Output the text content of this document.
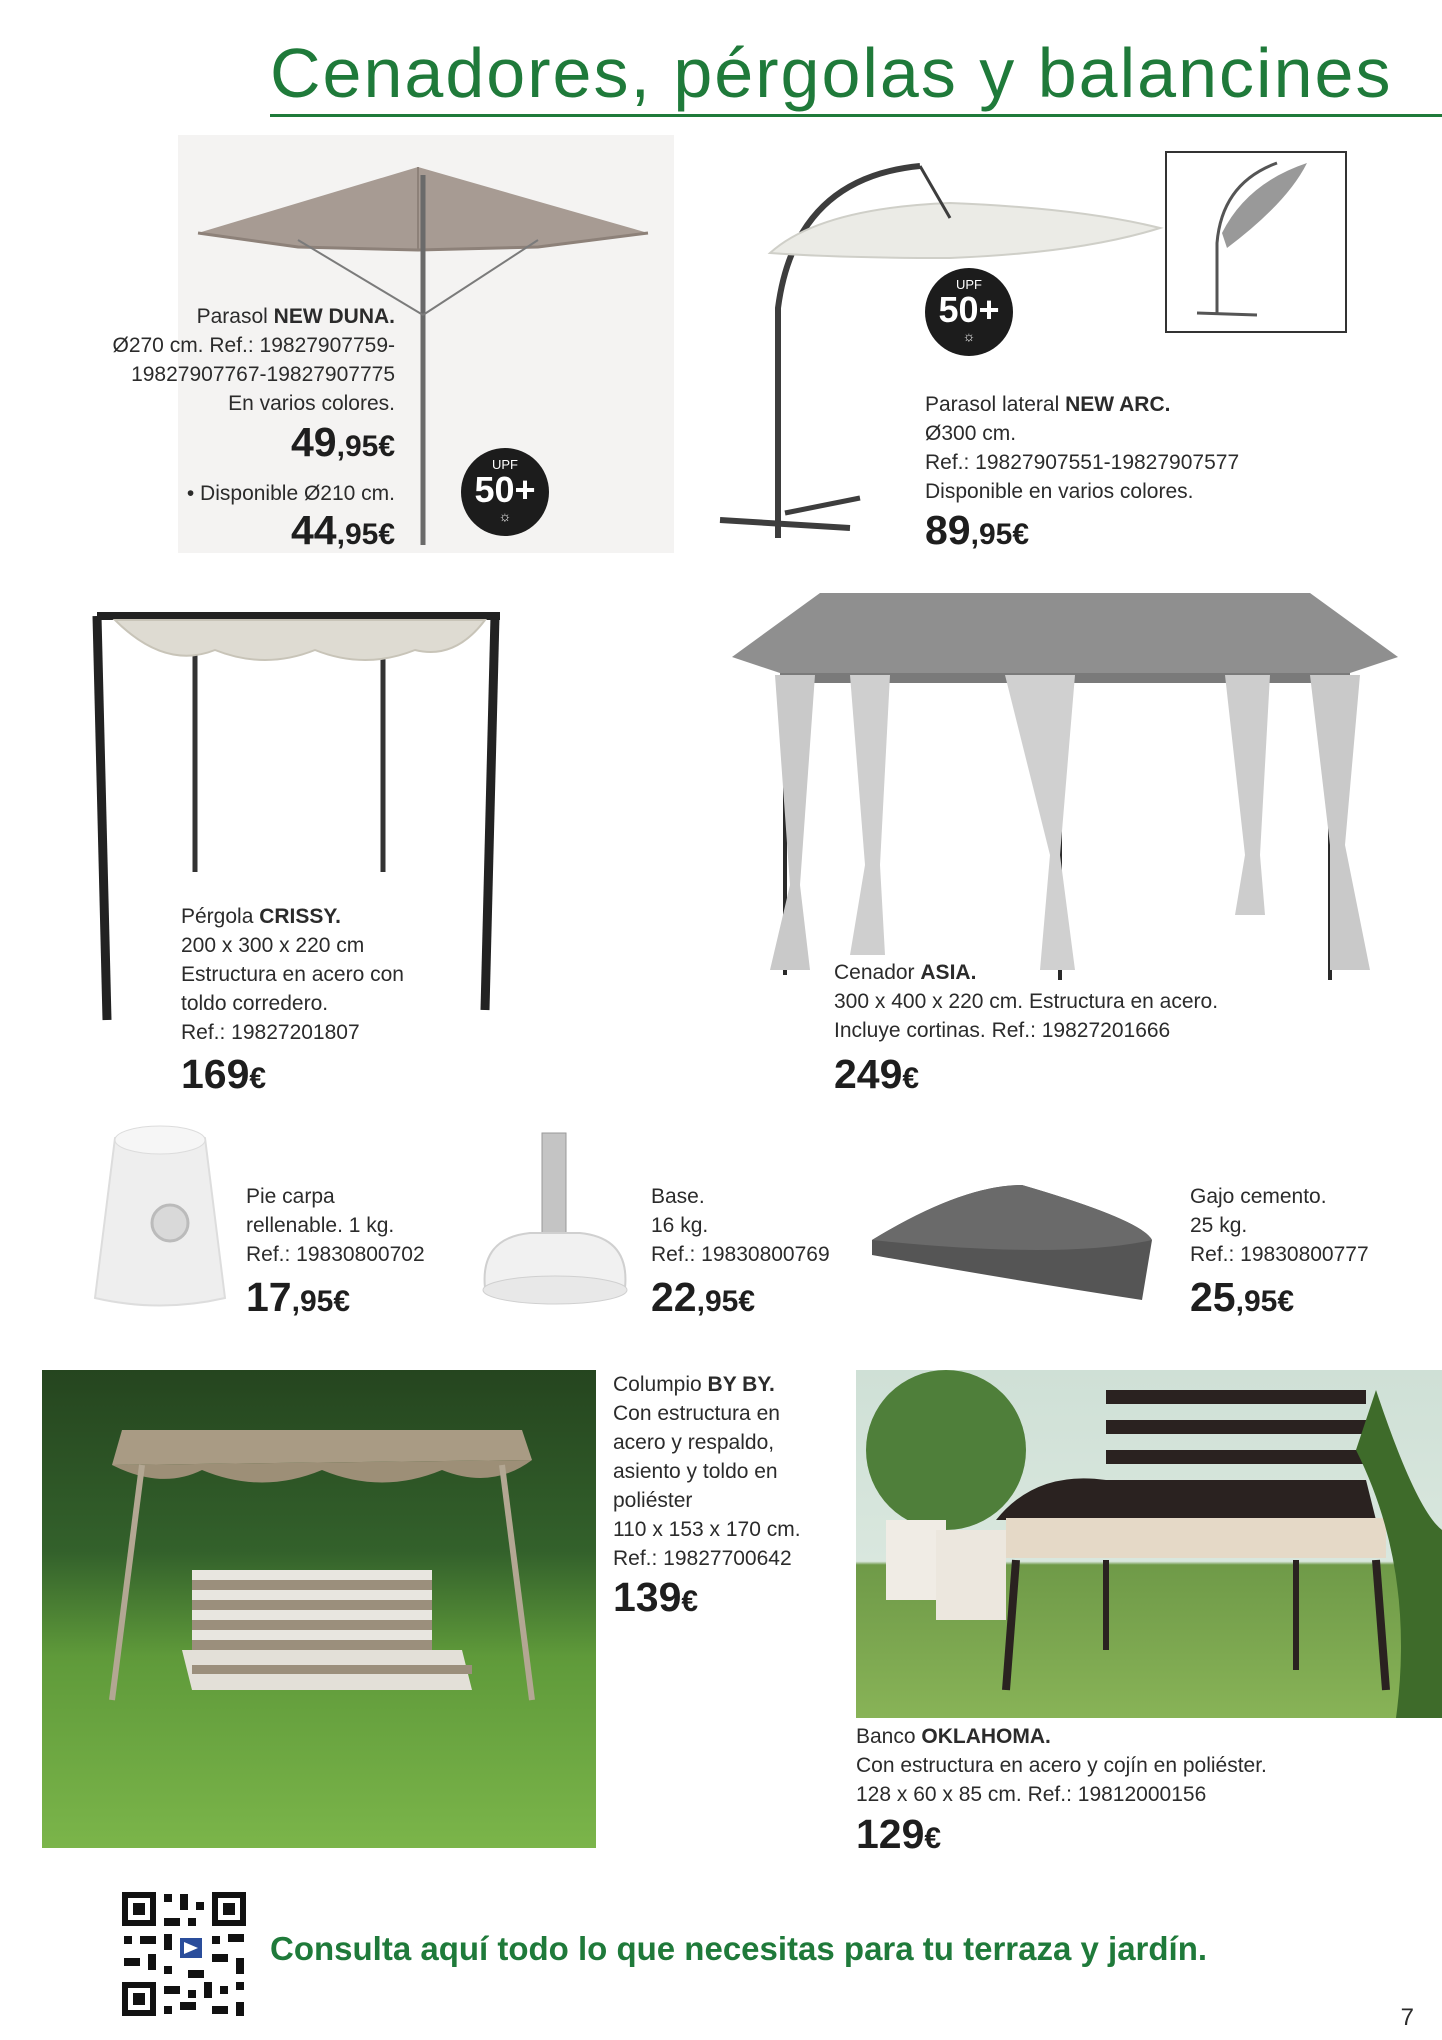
Cenadores, pérgolas y balancines
Parasol NEW DUNA.
Ø270 cm. Ref.: 19827907759-
19827907767-19827907775
En varios colores.
49,95€
• Disponible Ø210 cm.
44,95€
UPF
50+
☼
UPF
50+
☼
Parasol lateral NEW ARC.
Ø300 cm.
Ref.: 19827907551-19827907577
Disponible en varios colores.
89,95€
Pérgola CRISSY.
200 x 300 x 220 cm
Estructura en acero con
toldo corredero.
Ref.: 19827201807
169€
Cenador ASIA.
300 x 400 x 220 cm. Estructura en acero.
Incluye cortinas. Ref.: 19827201666
249€
Pie carpa
rellenable. 1 kg.
Ref.: 19830800702
17,95€
Base.
16 kg.
Ref.: 19830800769
22,95€
Gajo cemento.
25 kg.
Ref.: 19830800777
25,95€
Columpio BY BY.
Con estructura en
acero y respaldo,
asiento y toldo en
poliéster
110 x 153 x 170 cm.
Ref.: 19827700642
139€
Banco OKLAHOMA.
Con estructura en acero y cojín en poliéster.
128 x 60 x 85 cm. Ref.: 19812000156
129€
Consulta aquí todo lo que necesitas para tu terraza y jardín.
7
